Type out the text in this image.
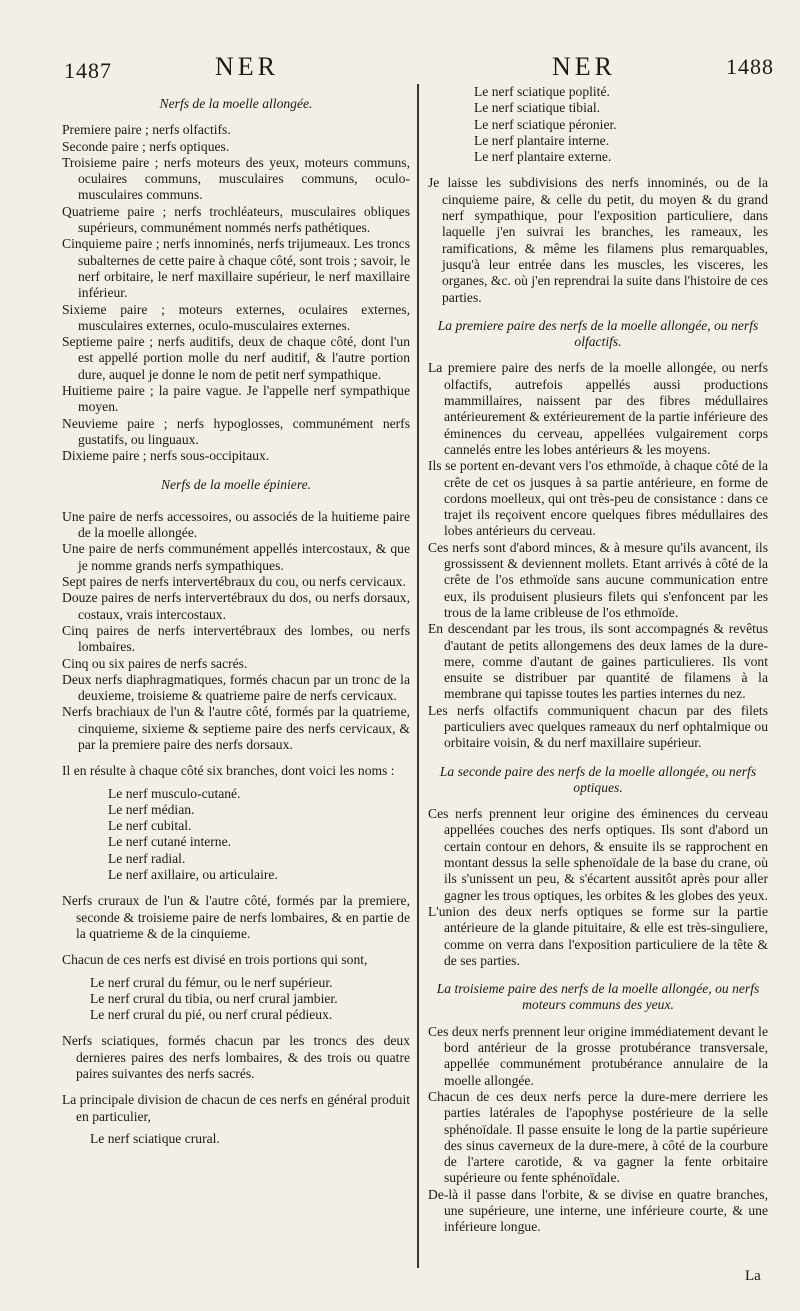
1487	NER	NER	1488

Nerfs de la moelle allongée.

Premiere paire ; nerfs olfactifs.

Seconde paire ; nerfs optiques.

Troisieme paire ; nerfs moteurs des yeux, moteurs communs, oculaires communs, musculaires communs, oculo-musculaires communs.

Quatrieme paire ; nerfs trochléateurs, musculaires obliques supérieurs, communément nommés nerfs pathétiques.

Cinquieme paire ; nerfs innominés, nerfs trijumeaux. Les troncs subalternes de cette paire à chaque côté, sont trois ; savoir, le nerf orbitaire, le nerf maxillaire supérieur, le nerf maxillaire inférieur.

Sixieme paire ; moteurs externes, oculaires externes, musculaires externes, oculo-musculaires externes.

Septieme paire ; nerfs auditifs, deux de chaque côté, dont l'un est appellé portion molle du nerf auditif, & l'autre portion dure, auquel je donne le nom de petit nerf sympathique.

Huitieme paire ; la paire vague. Je l'appelle nerf sympathique moyen.

Neuvieme paire ; nerfs hypoglosses, communément nerfs gustatifs, ou linguaux.

Dixieme paire ; nerfs sous-occipitaux.

Nerfs de la moelle épiniere.

Une paire de nerfs accessoires, ou associés de la huitieme paire de la moelle allongée.

Une paire de nerfs communément appellés intercostaux, & que je nomme grands nerfs sympathiques.

Sept paires de nerfs intervertébraux du cou, ou nerfs cervicaux.

Douze paires de nerfs intervertébraux du dos, ou nerfs dorsaux, costaux, vrais intercostaux.

Cinq paires de nerfs intervertébraux des lombes, ou nerfs lombaires.

Cinq ou six paires de nerfs sacrés.

Deux nerfs diaphragmatiques, formés chacun par un tronc de la deuxieme, troisieme & quatrieme paire de nerfs cervicaux.

Nerfs brachiaux de l'un & l'autre côté, formés par la quatrieme, cinquieme, sixieme & septieme paire des nerfs cervicaux, & par la premiere paire des nerfs dorsaux.

Il en résulte à chaque côté six branches, dont voici les noms :

Le nerf musculo-cutané.
Le nerf médian.
Le nerf cubital.
Le nerf cutané interne.
Le nerf radial.
Le nerf axillaire, ou articulaire.

Nerfs cruraux de l'un & l'autre côté, formés par la premiere, seconde & troisieme paire de nerfs lombaires, & en partie de la quatrieme & de la cinquieme.

Chacun de ces nerfs est divisé en trois portions qui sont,

Le nerf crural du fémur, ou le nerf supérieur.
Le nerf crural du tibia, ou nerf crural jambier.
Le nerf crural du pié, ou nerf crural pédieux.

Nerfs sciatiques, formés chacun par les troncs des deux dernieres paires des nerfs lombaires, & des trois ou quatre paires suivantes des nerfs sacrés.

La principale division de chacun de ces nerfs en général produit en particulier,

Le nerf sciatique crural.
Le nerf sciatique poplité.
Le nerf sciatique tibial.
Le nerf sciatique péronier.
Le nerf plantaire interne.
Le nerf plantaire externe.

Je laisse les subdivisions des nerfs innominés, ou de la cinquieme paire, & celle du petit, du moyen & du grand nerf sympathique, pour l'exposition particuliere, dans laquelle j'en suivrai les branches, les rameaux, les ramifications, & même les filamens plus remarquables, jusqu'à leur entrée dans les muscles, les visceres, les organes, &c. où j'en reprendrai la suite dans l'histoire de ces parties.

La premiere paire des nerfs de la moelle allongée, ou nerfs olfactifs.

La premiere paire des nerfs de la moelle allongée, ou nerfs olfactifs, autrefois appellés aussi productions mammillaires, naissent par des fibres médullaires antérieurement & extérieurement de la partie inférieure des éminences du cerveau, appellées vulgairement corps cannelés entre les lobes antérieurs & les moyens.

Ils se portent en-devant vers l'os ethmoïde, à chaque côté de la crête de cet os jusques à sa partie antérieure, en forme de cordons moelleux, qui ont très-peu de consistance : dans ce trajet ils reçoivent encore quelques fibres médullaires des lobes antérieurs du cerveau.

Ces nerfs sont d'abord minces, & à mesure qu'ils avancent, ils grossissent & deviennent mollets. Etant arrivés à côté de la crête de l'os ethmoïde sans aucune communication entre eux, ils produisent plusieurs filets qui s'enfoncent par les trous de la lame cribleuse de l'os ethmoïde.

En descendant par les trous, ils sont accompagnés & revêtus d'autant de petits allongemens des deux lames de la dure-mere, comme d'autant de gaines particulieres. Ils vont ensuite se distribuer par quantité de filamens à la membrane qui tapisse toutes les parties internes du nez.

Les nerfs olfactifs communiquent chacun par des filets particuliers avec quelques rameaux du nerf ophtalmique ou orbitaire voisin, & du nerf maxillaire supérieur.

La seconde paire des nerfs de la moelle allongée, ou nerfs optiques.

Ces nerfs prennent leur origine des éminences du cerveau appellées couches des nerfs optiques. Ils sont d'abord un certain contour en dehors, & ensuite ils se rapprochent en montant dessus la selle sphenoïdale de la base du crane, où ils s'unissent un peu, & s'écartent aussitôt après pour aller gagner les trous optiques, les orbites & les globes des yeux.

L'union des deux nerfs optiques se forme sur la partie antérieure de la glande pituitaire, & elle est très-singuliere, comme on verra dans l'exposition particuliere de la tête & de ses parties.

La troisieme paire des nerfs de la moelle allongée, ou nerfs moteurs communs des yeux.

Ces deux nerfs prennent leur origine immédiatement devant le bord antérieur de la grosse protubérance transversale, appellée communément protubérance annulaire de la moelle allongée.

Chacun de ces deux nerfs perce la dure-mere derriere les parties latérales de l'apophyse postérieure de la selle sphénoïdale. Il passe ensuite le long de la partie supérieure des sinus caverneux de la dure-mere, à côté de la courbure de l'artere carotide, & va gagner la fente orbitaire supérieure ou fente sphénoïdale.

De-là il passe dans l'orbite, & se divise en quatre branches, une supérieure, une interne, une inférieure courte, & une inférieure longue.

La
